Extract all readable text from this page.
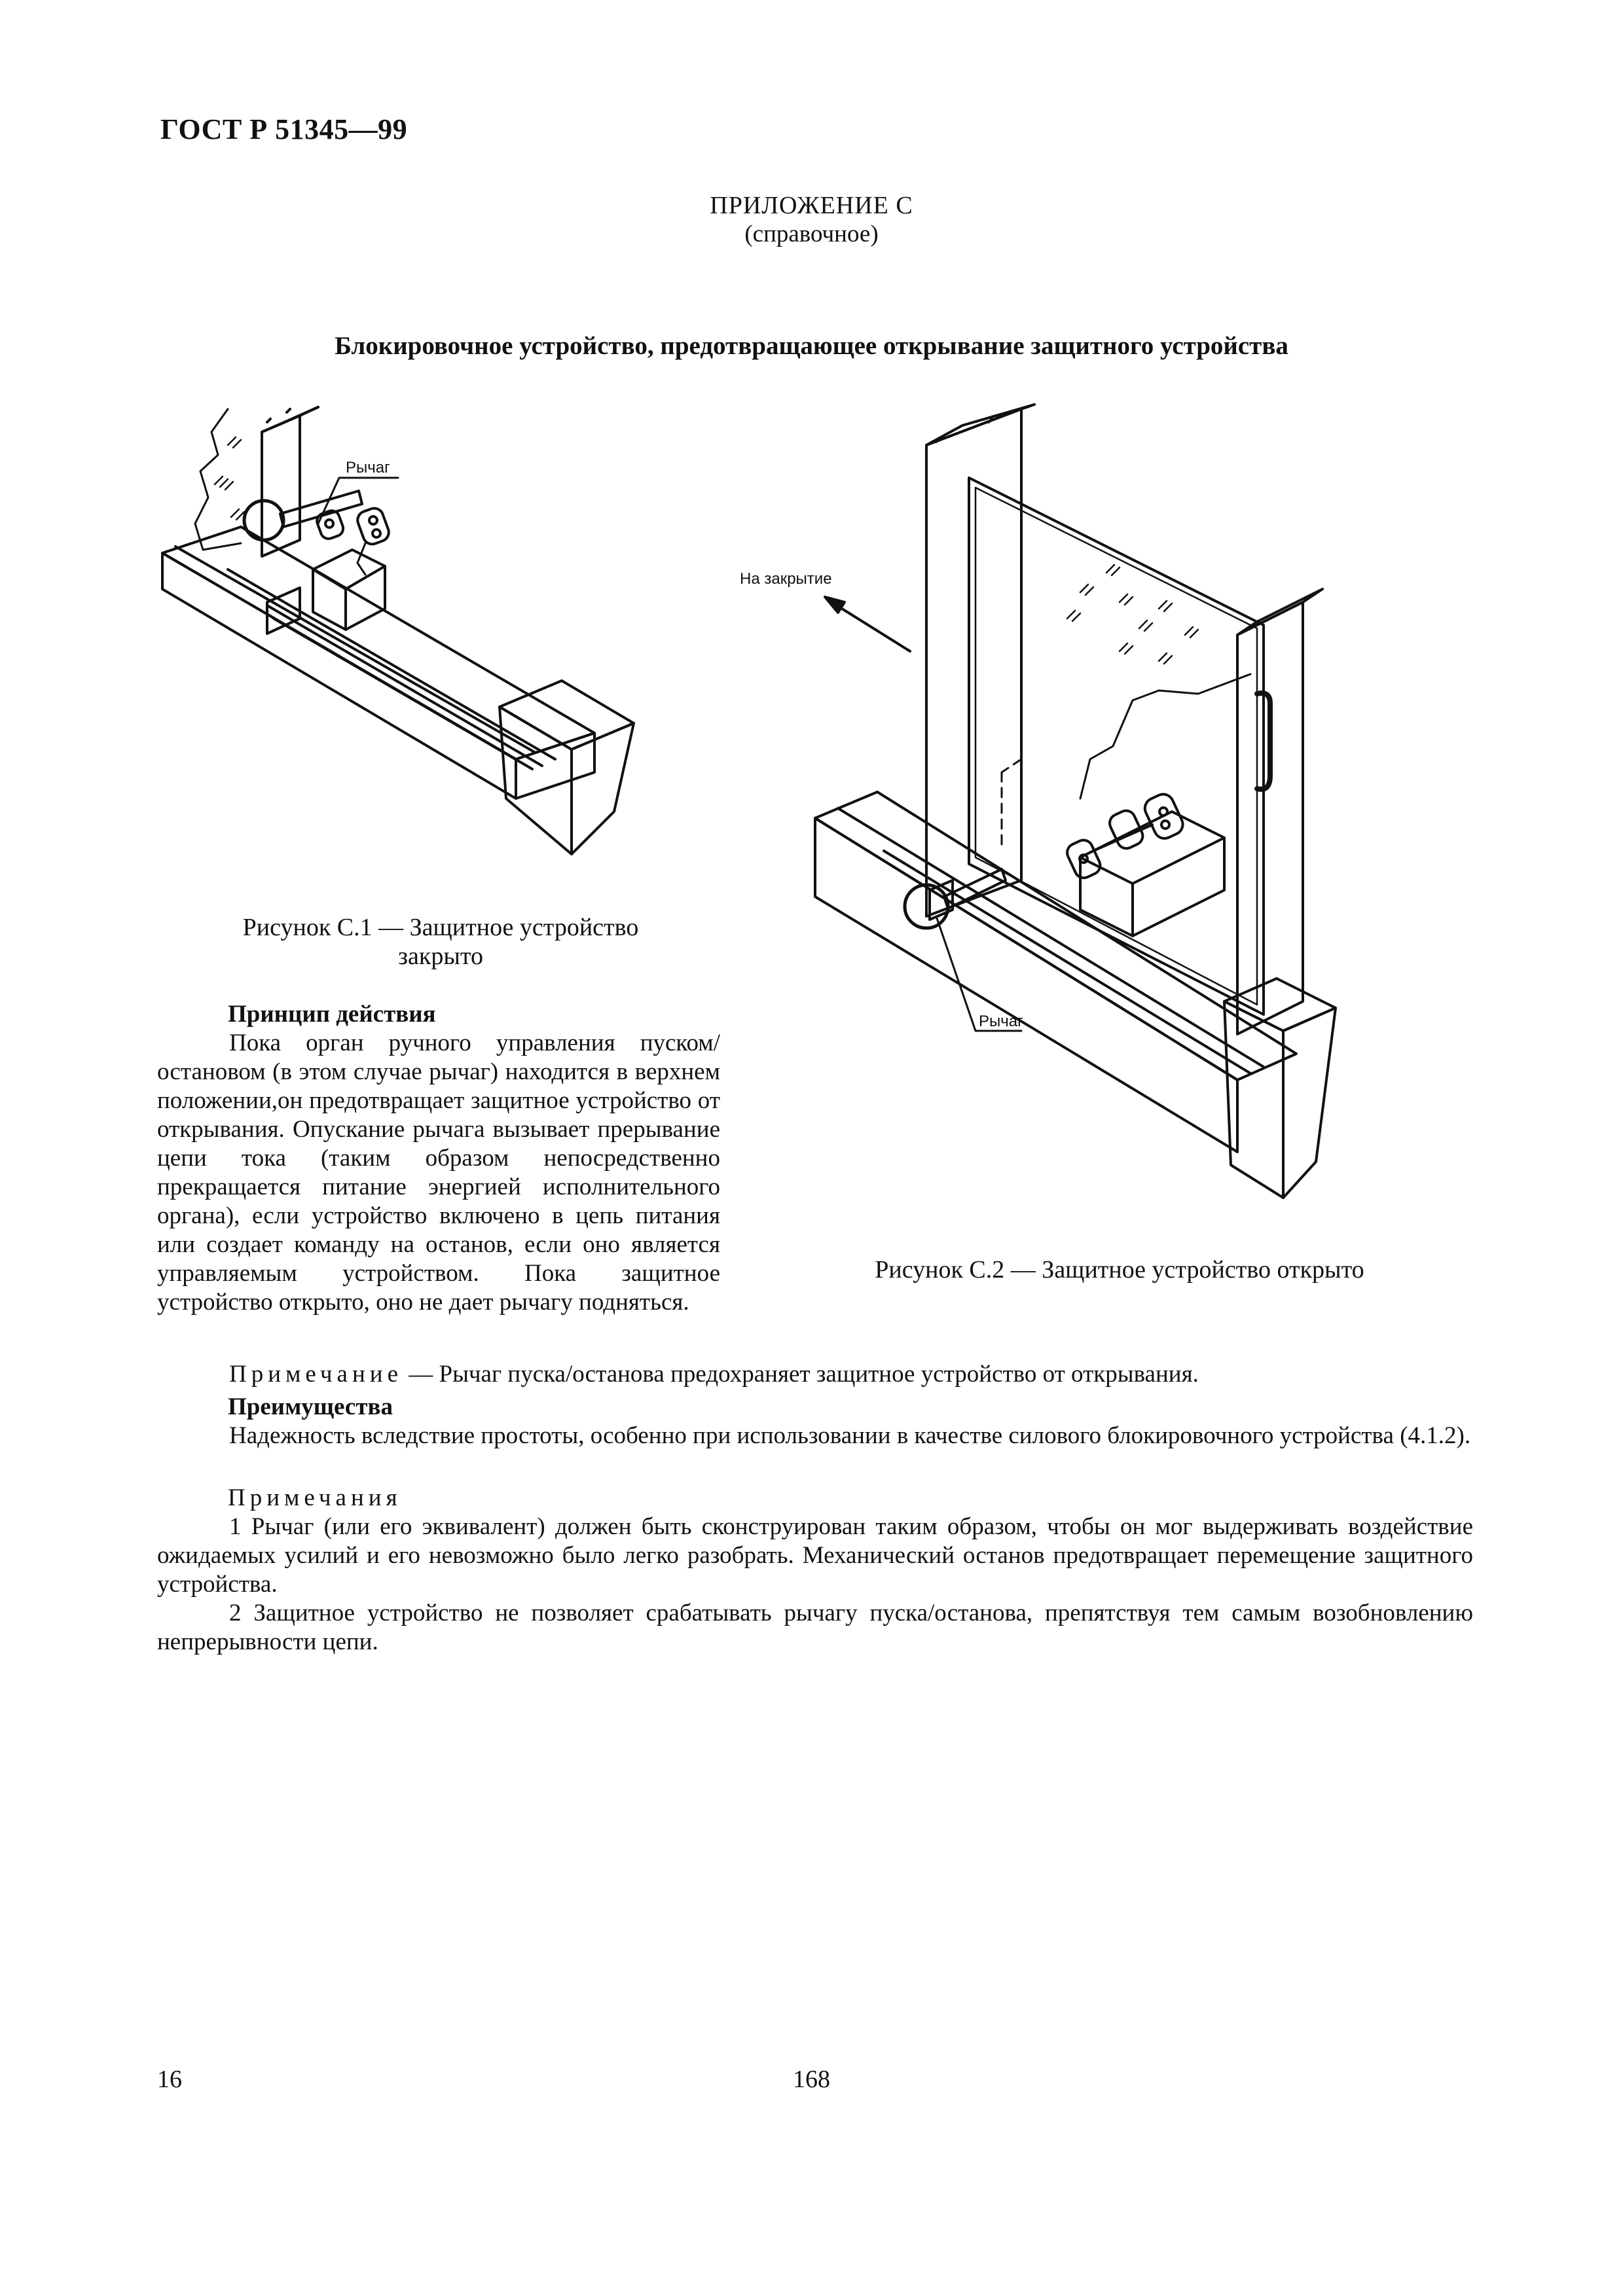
ГОСТ Р 51345—99
ПРИЛОЖЕНИЕ С
(справочное)
Блокировочное устройство, предотвращающее открывание защитного устройства
Рычаг
Рисунок С.1 — Защитное устройство
закрыто
На закрытие
Рычаг
Рисунок С.2 — Защитное устройство открыто
Принцип действия
Пока орган ручного управления пуском/остановом (в этом случае рычаг) находится в верхнем положении,он предотвращает защитное устройство от открывания. Опускание рычага вызывает прерывание цепи тока (таким образом непосредственно прекращается питание энергией исполнительного органа), если устройство включено в цепь питания или создает команду на останов, если оно является управляемым устройством. Пока защитное устройство открыто, оно не дает рычагу подняться.
Примечание — Рычаг пуска/останова предохраняет защитное устройство от открывания.
Преимущества
Надежность вследствие простоты, особенно при использовании в качестве силового блокировочного устройства (4.1.2).
Примечания
1 Рычаг (или его эквивалент) должен быть сконструирован таким образом, чтобы он мог выдерживать воздействие ожидаемых усилий и его невозможно было легко разобрать. Механический останов предотвращает перемещение защитного устройства.
2 Защитное устройство не позволяет срабатывать рычагу пуска/останова, препятствуя тем самым возобновлению непрерывности цепи.
16	168
